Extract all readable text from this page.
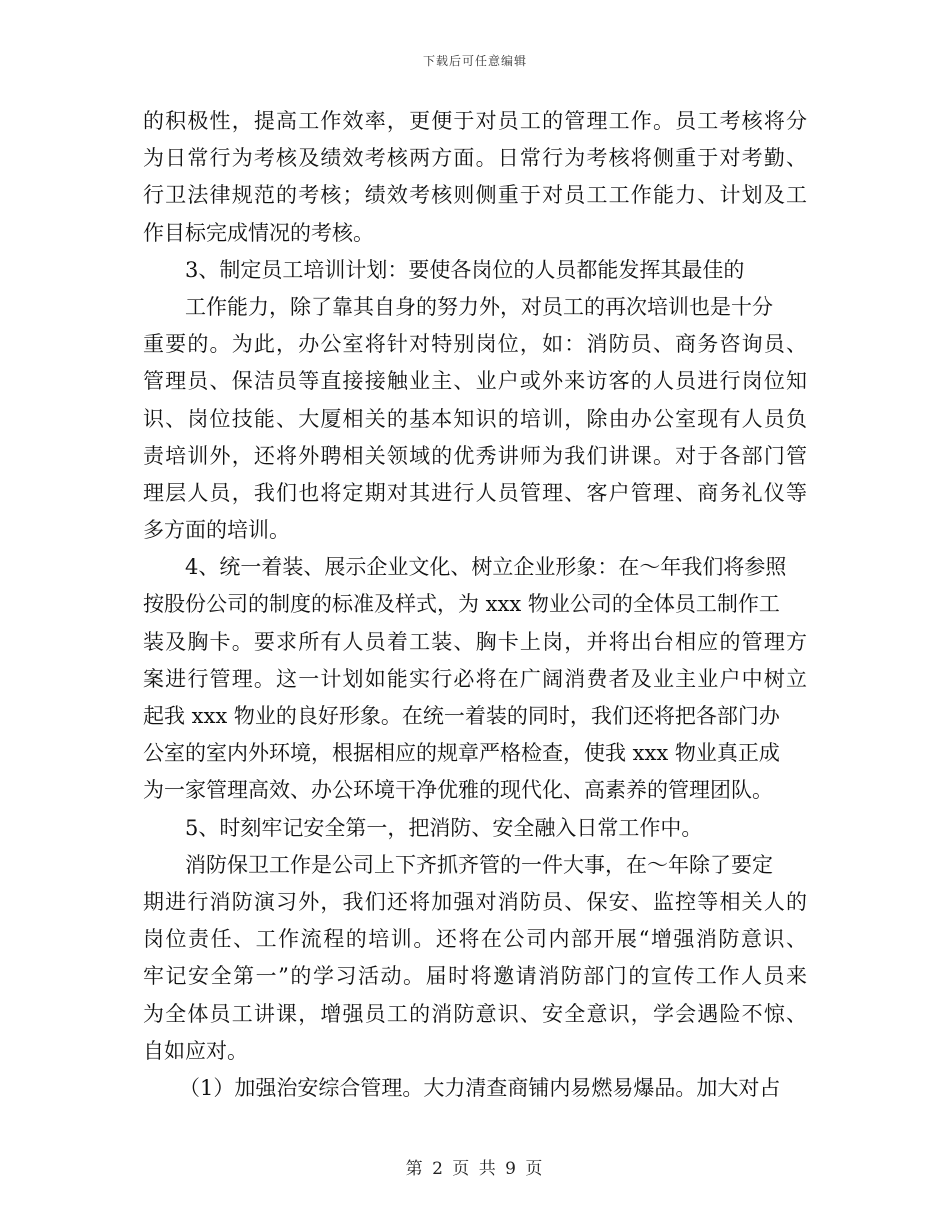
下载后可任意编辑
的积极性，提高工作效率，更便于对员工的管理工作。员工考核将分
为日常行为考核及绩效考核两方面。日常行为考核将侧重于对考勤、
行卫法律规范的考核；绩效考核则侧重于对员工工作能力、计划及工
作目标完成情况的考核。
3、制定员工培训计划：要使各岗位的人员都能发挥其最佳的
工作能力，除了靠其自身的努力外，对员工的再次培训也是十分
重要的。为此，办公室将针对特别岗位，如：消防员、商务咨询员、
管理员、保洁员等直接接触业主、业户或外来访客的人员进行岗位知
识、岗位技能、大厦相关的基本知识的培训，除由办公室现有人员负
责培训外，还将外聘相关领域的优秀讲师为我们讲课。对于各部门管
理层人员，我们也将定期对其进行人员管理、客户管理、商务礼仪等
多方面的培训。
4、统一着装、展示企业文化、树立企业形象：在～年我们将参照
按股份公司的制度的标准及样式，为 xxx 物业公司的全体员工制作工
装及胸卡。要求所有人员着工装、胸卡上岗，并将出台相应的管理方
案进行管理。这一计划如能实行必将在广阔消费者及业主业户中树立
起我 xxx 物业的良好形象。在统一着装的同时，我们还将把各部门办
公室的室内外环境，根据相应的规章严格检查，使我 xxx 物业真正成
为一家管理高效、办公环境干净优雅的现代化、高素养的管理团队。
5、时刻牢记安全第一，把消防、安全融入日常工作中。
消防保卫工作是公司上下齐抓齐管的一件大事，在～年除了要定
期进行消防演习外，我们还将加强对消防员、保安、监控等相关人的
岗位责任、工作流程的培训。还将在公司内部开展“增强消防意识、
牢记安全第一”的学习活动。届时将邀请消防部门的宣传工作人员来
为全体员工讲课，增强员工的消防意识、安全意识，学会遇险不惊、
自如应对。
（1）加强治安综合管理。大力清查商铺内易燃易爆品。加大对占
第 2 页 共 9 页
